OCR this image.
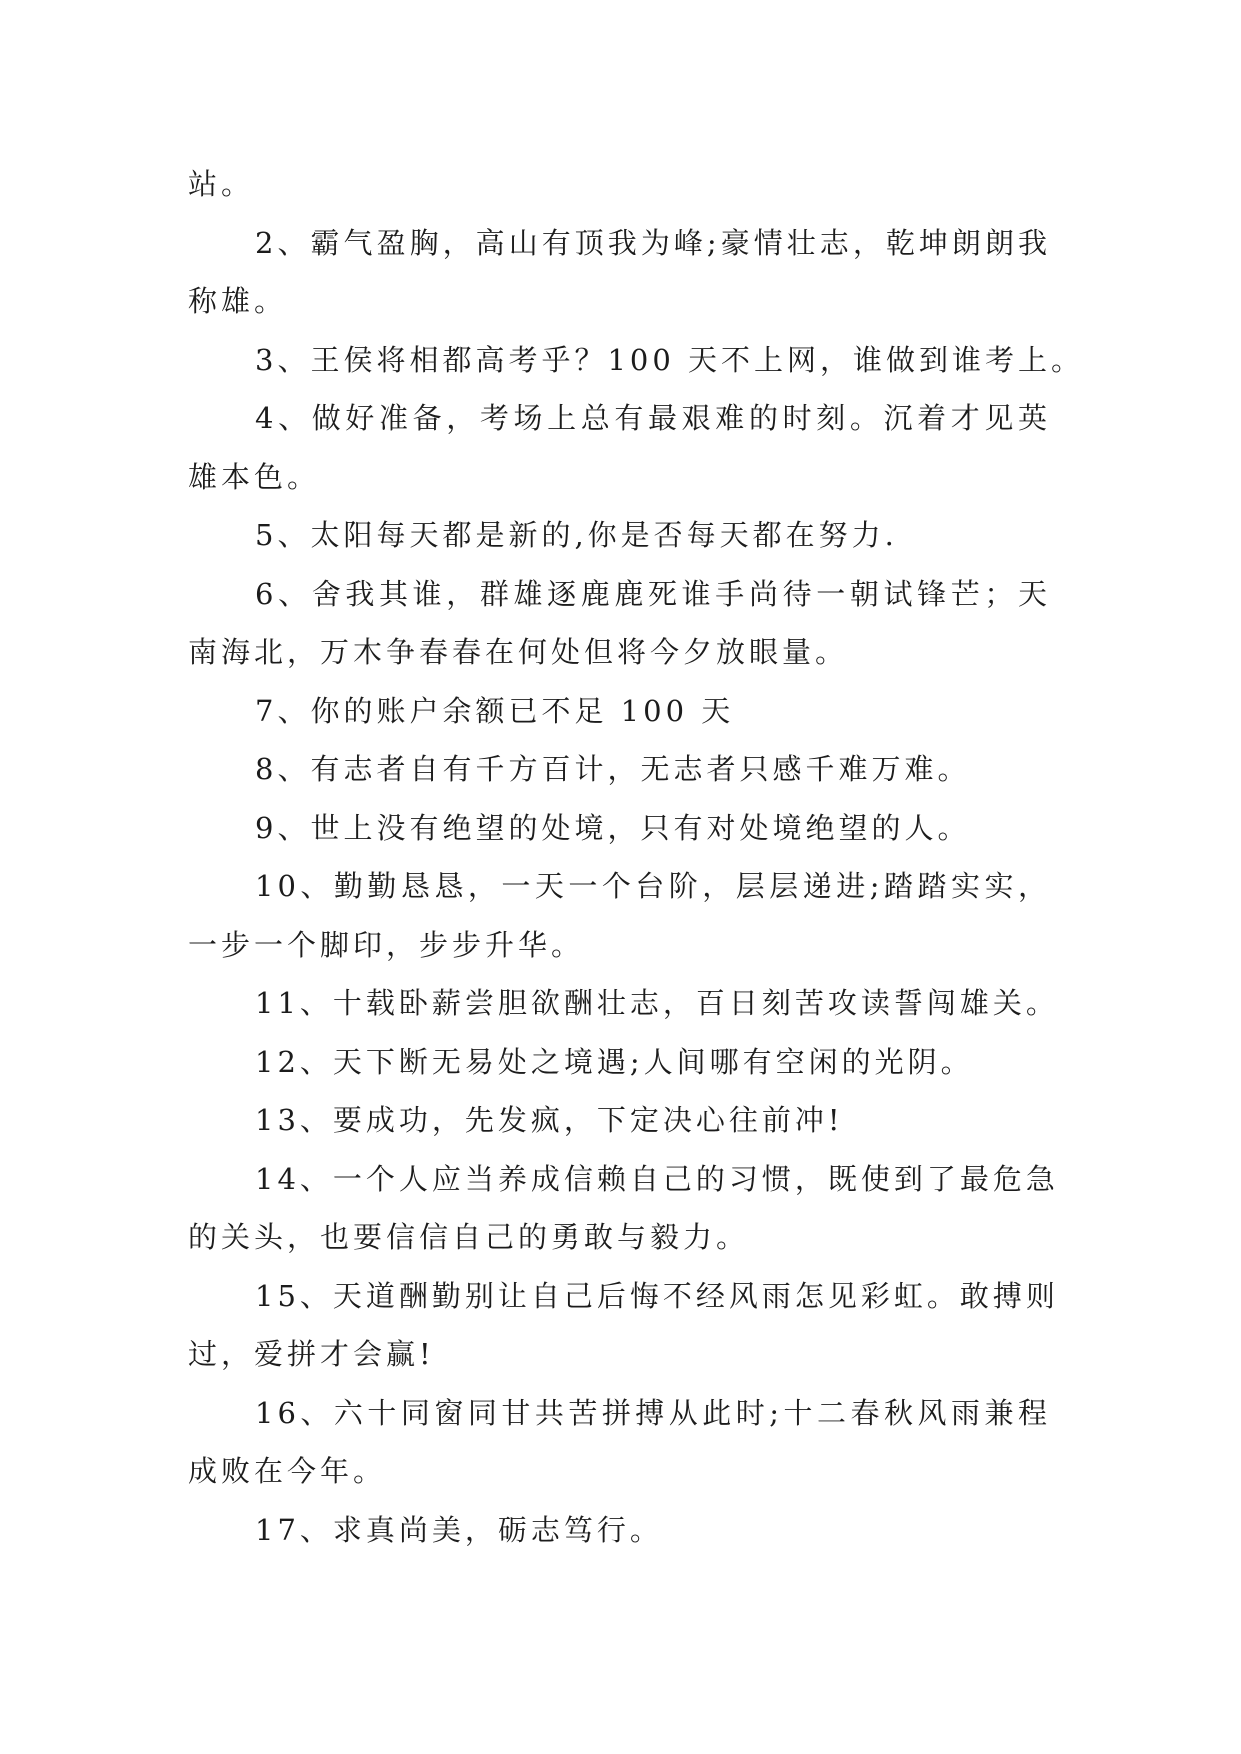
站。
2、霸气盈胸，高山有顶我为峰;豪情壮志，乾坤朗朗我
称雄。
3、王侯将相都高考乎？100 天不上网，谁做到谁考上。
4、做好准备，考场上总有最艰难的时刻。沉着才见英
雄本色。
5、太阳每天都是新的,你是否每天都在努力.
6、舍我其谁，群雄逐鹿鹿死谁手尚待一朝试锋芒；天
南海北，万木争春春在何处但将今夕放眼量。
7、你的账户余额已不足 100 天
8、有志者自有千方百计，无志者只感千难万难。
9、世上没有绝望的处境，只有对处境绝望的人。
10、勤勤恳恳，一天一个台阶，层层递进;踏踏实实，
一步一个脚印，步步升华。
11、十载卧薪尝胆欲酬壮志，百日刻苦攻读誓闯雄关。
12、天下断无易处之境遇;人间哪有空闲的光阴。
13、要成功，先发疯，下定决心往前冲!
14、一个人应当养成信赖自己的习惯，既使到了最危急
的关头，也要信信自己的勇敢与毅力。
15、天道酬勤别让自己后悔不经风雨怎见彩虹。敢搏则
过，爱拼才会赢!
16、六十同窗同甘共苦拼搏从此时;十二春秋风雨兼程
成败在今年。
17、求真尚美，砺志笃行。
